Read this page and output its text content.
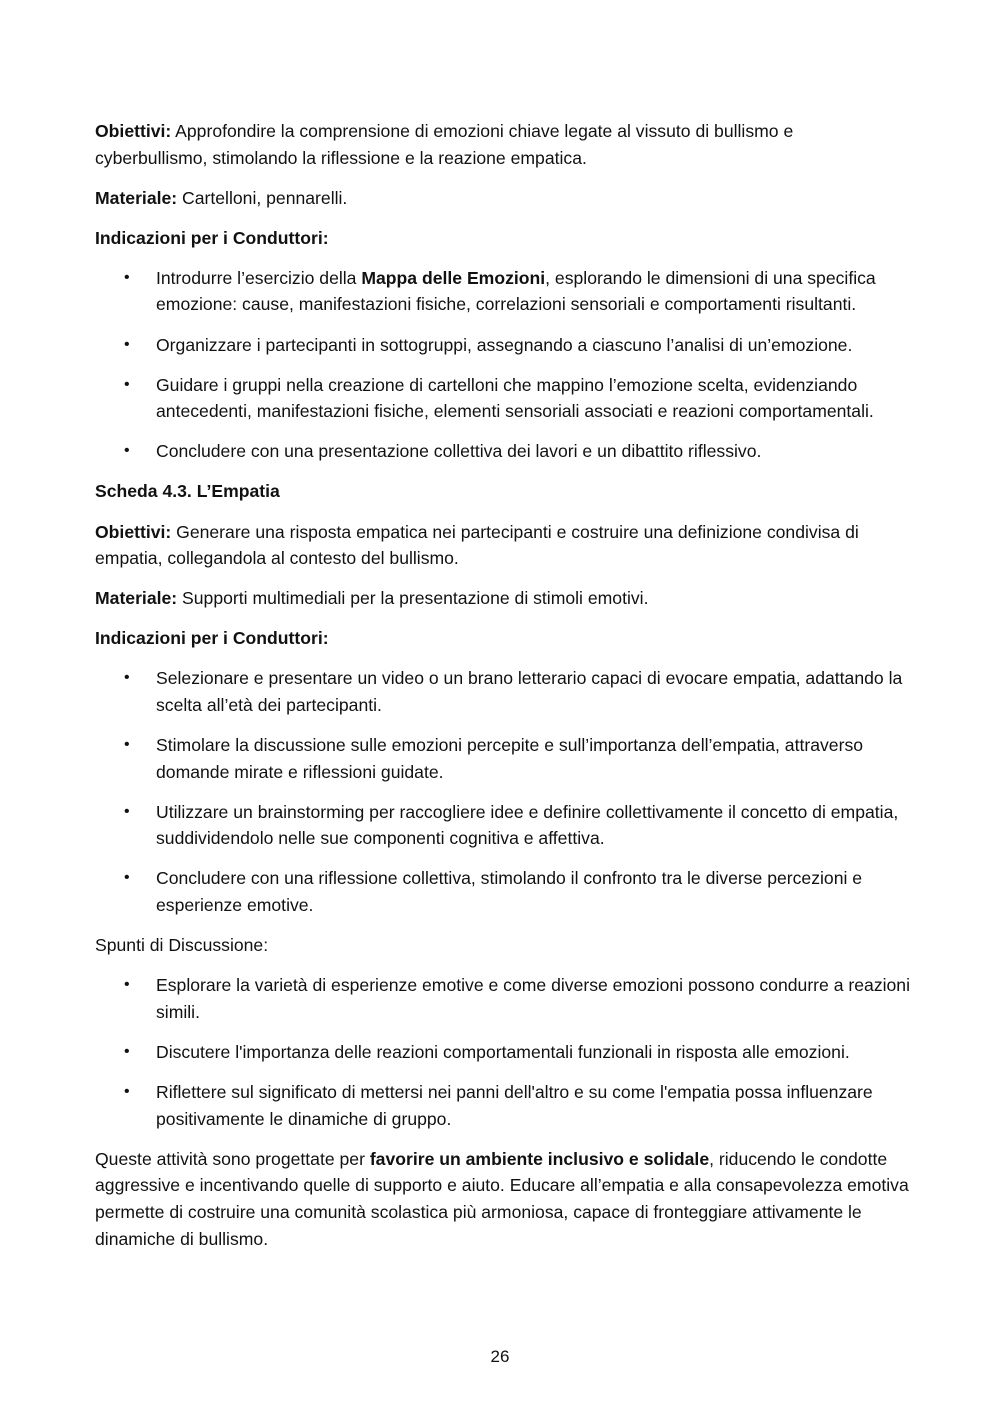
Obiettivi: Approfondire la comprensione di emozioni chiave legate al vissuto di bullismo e cyberbullismo, stimolando la riflessione e la reazione empatica.

Materiale: Cartelloni, pennarelli.

Indicazioni per i Conduttori:

• Introdurre l’esercizio della Mappa delle Emozioni, esplorando le dimensioni di una specifica emozione: cause, manifestazioni fisiche, correlazioni sensoriali e comportamenti risultanti.
• Organizzare i partecipanti in sottogruppi, assegnando a ciascuno l’analisi di un’emozione.
• Guidare i gruppi nella creazione di cartelloni che mappino l’emozione scelta, evidenziando antecedenti, manifestazioni fisiche, elementi sensoriali associati e reazioni comportamentali.
• Concludere con una presentazione collettiva dei lavori e un dibattito riflessivo.

Scheda 4.3. L’Empatia

Obiettivi: Generare una risposta empatica nei partecipanti e costruire una definizione condivisa di empatia, collegandola al contesto del bullismo.

Materiale: Supporti multimediali per la presentazione di stimoli emotivi.

Indicazioni per i Conduttori:

• Selezionare e presentare un video o un brano letterario capaci di evocare empatia, adattando la scelta all’età dei partecipanti.
• Stimolare la discussione sulle emozioni percepite e sull’importanza dell’empatia, attraverso domande mirate e riflessioni guidate.
• Utilizzare un brainstorming per raccogliere idee e definire collettivamente il concetto di empatia, suddividendolo nelle sue componenti cognitiva e affettiva.
• Concludere con una riflessione collettiva, stimolando il confronto tra le diverse percezioni e esperienze emotive.

Spunti di Discussione:

• Esplorare la varietà di esperienze emotive e come diverse emozioni possono condurre a reazioni simili.
• Discutere l'importanza delle reazioni comportamentali funzionali in risposta alle emozioni.
• Riflettere sul significato di mettersi nei panni dell'altro e su come l'empatia possa influenzare positivamente le dinamiche di gruppo.

Queste attività sono progettate per favorire un ambiente inclusivo e solidale, riducendo le condotte aggressive e incentivando quelle di supporto e aiuto. Educare all’empatia e alla consapevolezza emotiva permette di costruire una comunità scolastica più armoniosa, capace di fronteggiare attivamente le dinamiche di bullismo.

26
